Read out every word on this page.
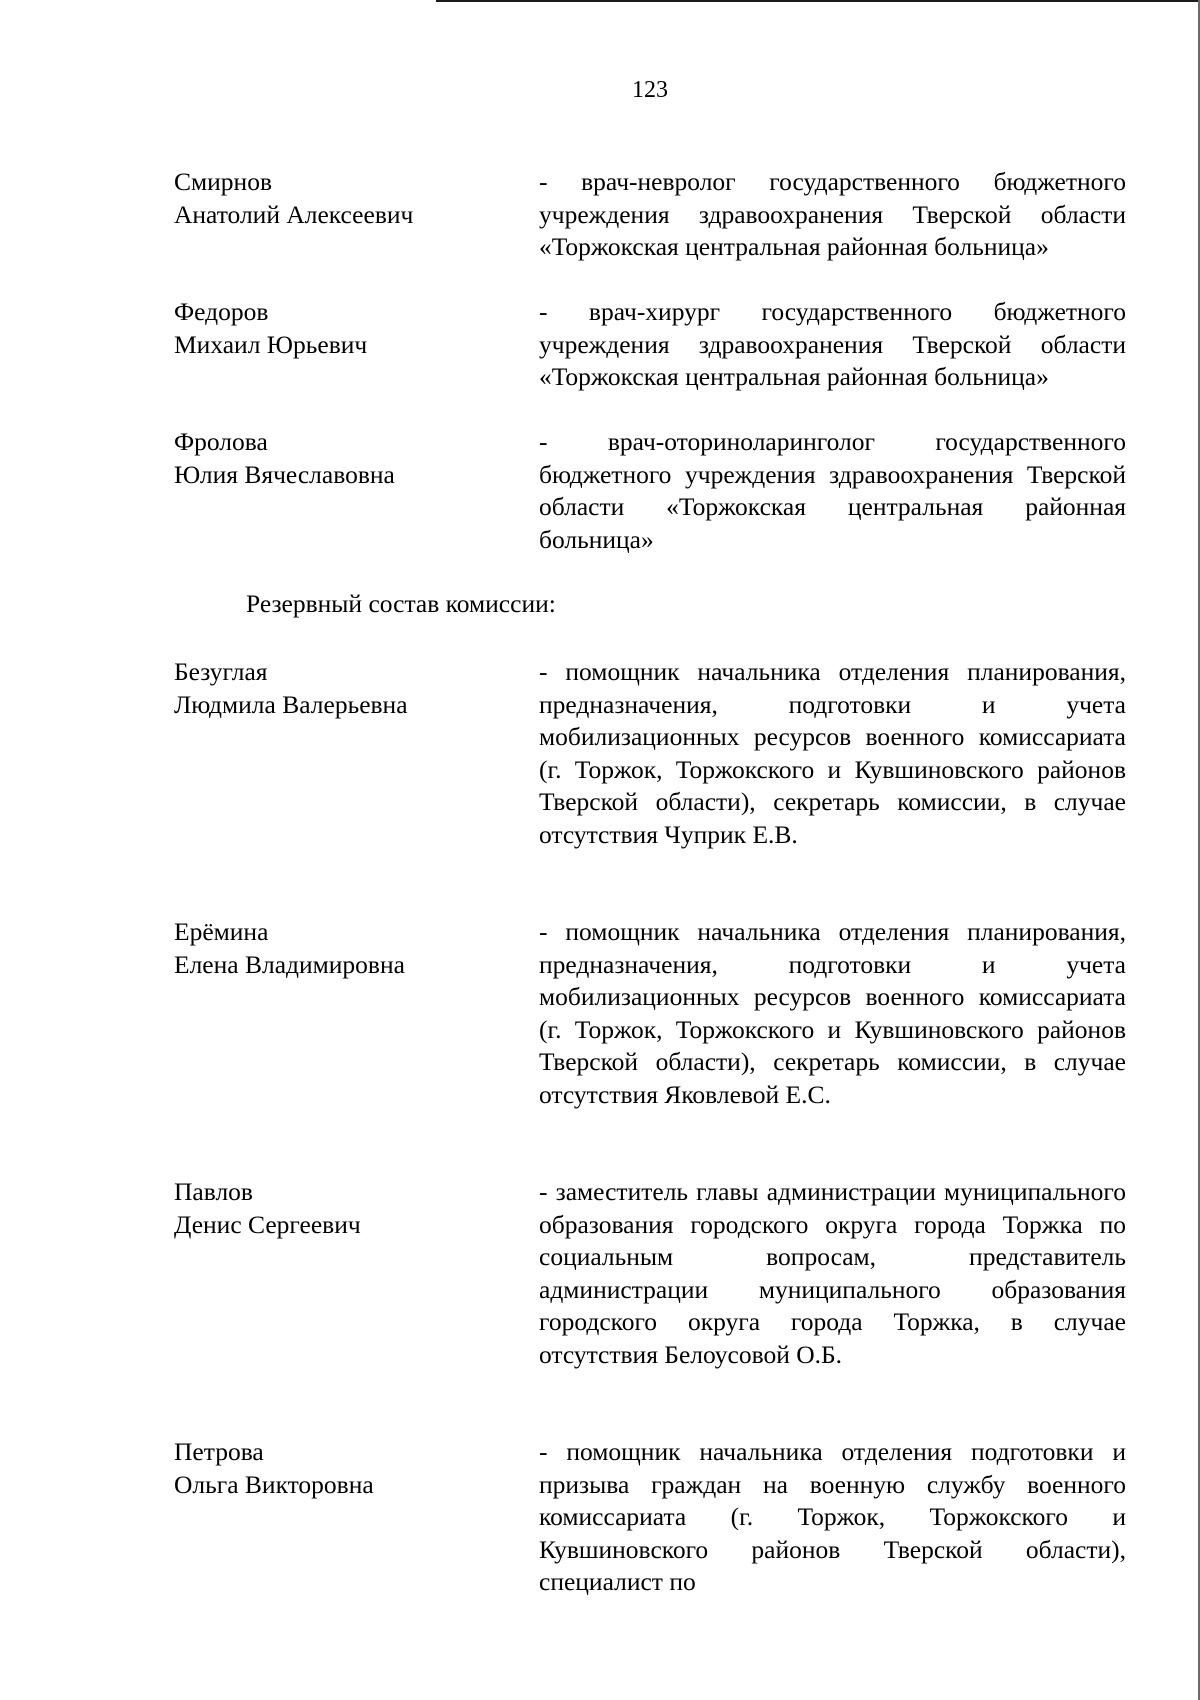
123
Смирнов
Анатолий Алексеевич
- врач-невролог государственного бюджетного учреждения здравоохранения Тверской области «Торжокская центральная районная больница»
Федоров
Михаил Юрьевич
- врач-хирург государственного бюджетного учреждения здравоохранения Тверской области «Торжокская центральная районная больница»
Фролова
Юлия Вячеславовна
- врач-оториноларинголог государственного бюджетного учреждения здравоохранения Тверской области «Торжокская центральная районная больница»
Резервный состав комиссии:
Безуглая
Людмила Валерьевна
- помощник начальника отделения планирования, предназначения, подготовки и учета мобилизационных ресурсов военного комиссариата (г. Торжок, Торжокского и Кувшиновского районов Тверской области), секретарь комиссии, в случае отсутствия Чуприк Е.В.
Ерёмина
Елена Владимировна
- помощник начальника отделения планирования, предназначения, подготовки и учета мобилизационных ресурсов военного комиссариата (г. Торжок, Торжокского и Кувшиновского районов Тверской области), секретарь комиссии, в случае отсутствия Яковлевой Е.С.
Павлов
Денис Сергеевич
- заместитель главы администрации муниципального образования городского округа города Торжка по социальным вопросам, представитель администрации муниципального образования городского округа города Торжка, в случае отсутствия Белоусовой О.Б.
Петрова
Ольга Викторовна
- помощник начальника отделения подготовки и призыва граждан на военную службу военного комиссариата (г. Торжок, Торжокского и Кувшиновского районов Тверской области), специалист по
